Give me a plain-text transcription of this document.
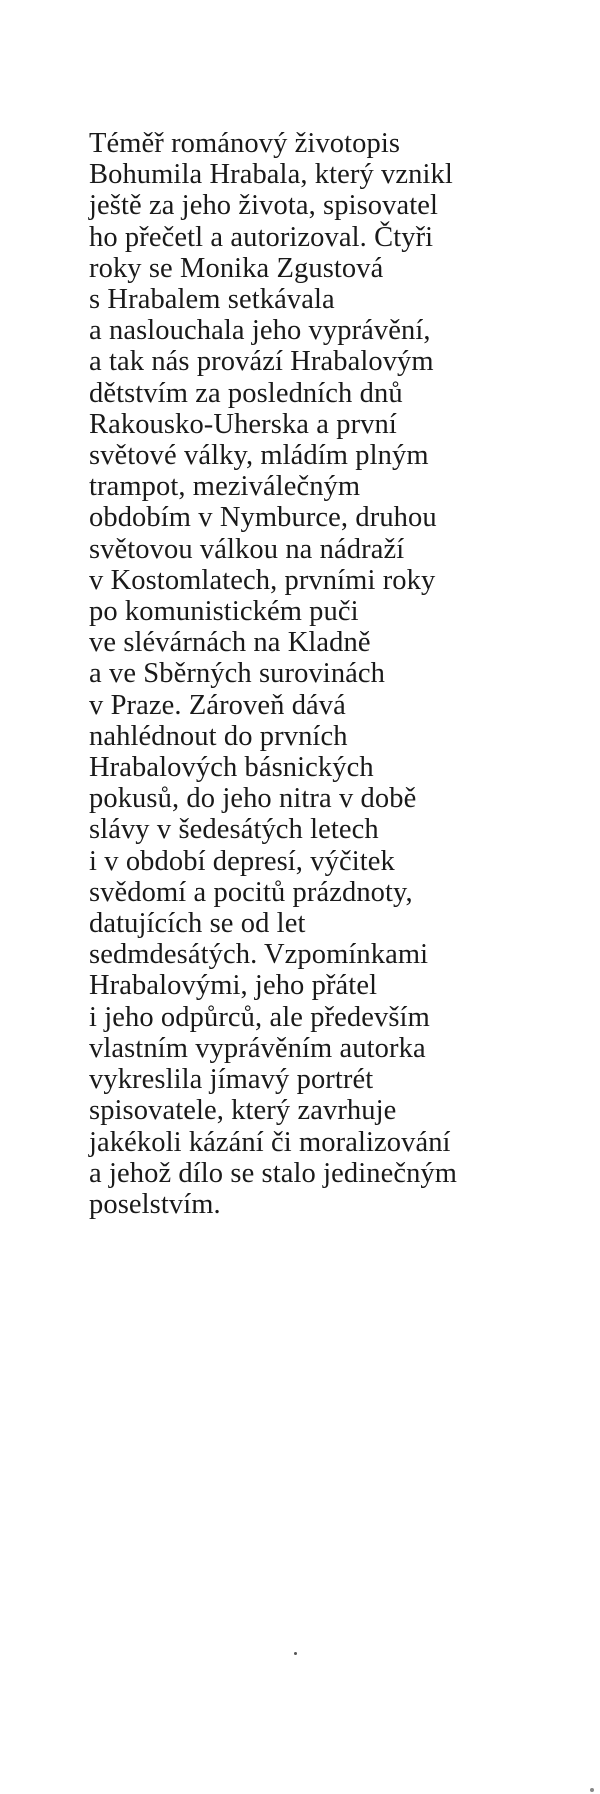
Téměř románový životopis
Bohumila Hrabala, který vznikl
ještě za jeho života, spisovatel
ho přečetl a autorizoval. Čtyři
roky se Monika Zgustová
s Hrabalem setkávala
a naslouchala jeho vyprávění,
a tak nás provází Hrabalovým
dětstvím za posledních dnů
Rakousko-Uherska a první
světové války, mládím plným
trampot, meziválečným
obdobím v Nymburce, druhou
světovou válkou na nádraží
v Kostomlatech, prvními roky
po komunistickém puči
ve slévárnách na Kladně
a ve Sběrných surovinách
v Praze. Zároveň dává
nahlédnout do prvních
Hrabalových básnických
pokusů, do jeho nitra v době
slávy v šedesátých letech
i v období depresí, výčitek
svědomí a pocitů prázdnoty,
datujících se od let
sedmdesátých. Vzpomínkami
Hrabalovými, jeho přátel
i jeho odpůrců, ale především
vlastním vyprávěním autorka
vykreslila jímavý portrét
spisovatele, který zavrhuje
jakékoli kázání či moralizování
a jehož dílo se stalo jedinečným
poselstvím.
